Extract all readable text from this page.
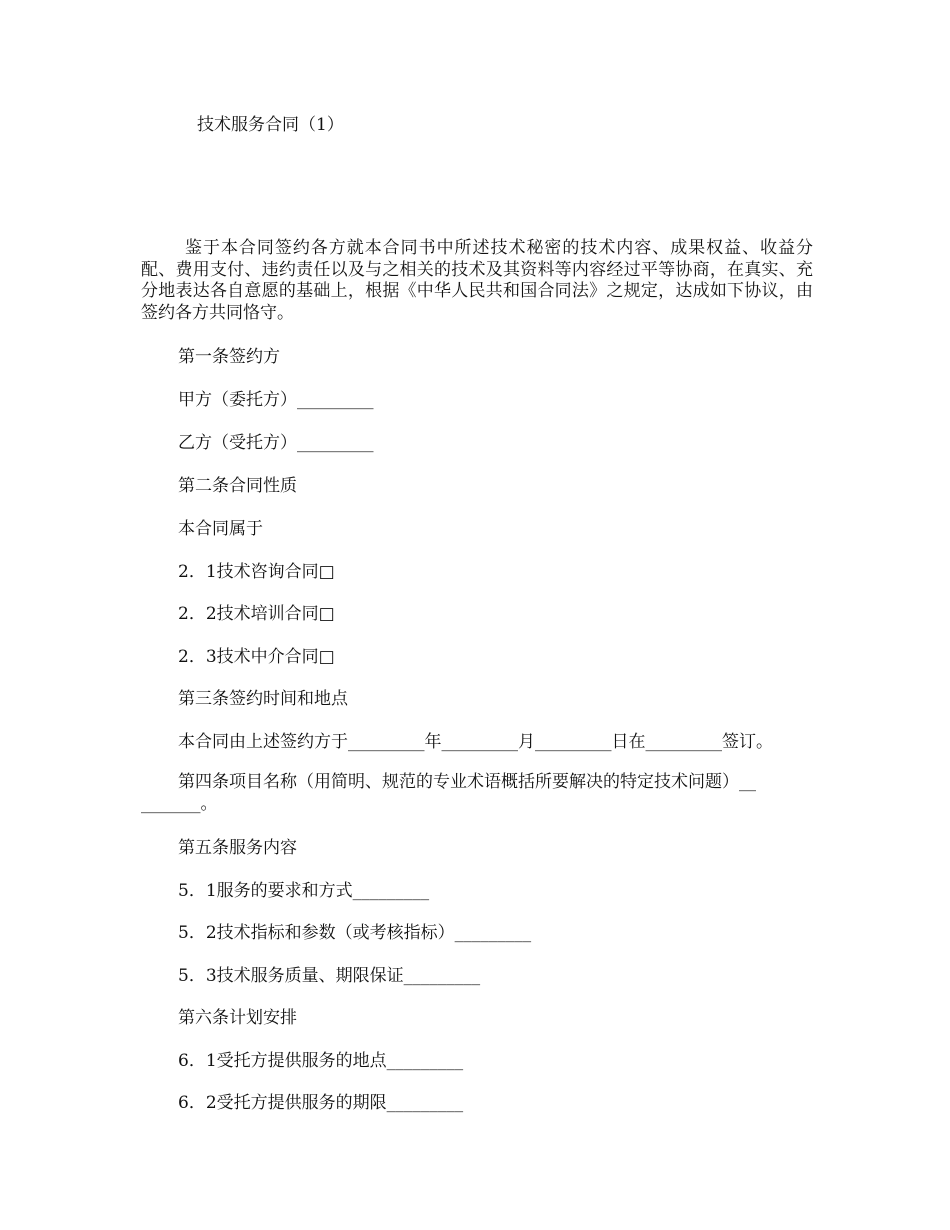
技术服务合同（1）

鉴于本合同签约各方就本合同书中所述技术秘密的技术内容、成果权益、收益分配、费用支付、违约责任以及与之相关的技术及其资料等内容经过平等协商，在真实、充分地表达各自意愿的基础上，根据《中华人民共和国合同法》之规定，达成如下协议，由签约各方共同恪守。

第一条签约方
甲方（委托方）_________
乙方（受托方）_________
第二条合同性质
本合同属于
2．1技术咨询合同□
2．2技术培训合同□
2．3技术中介合同□
第三条签约时间和地点
本合同由上述签约方于_________年_________月_________日在_________签订。

第四条项目名称（用简明、规范的专业术语概括所要解决的特定技术问题）__ _______。

第五条服务内容
5．1服务的要求和方式_________
5．2技术指标和参数（或考核指标）_________
5．3技术服务质量、期限保证_________
第六条计划安排
6．1受托方提供服务的地点_________
6．2受托方提供服务的期限_________
